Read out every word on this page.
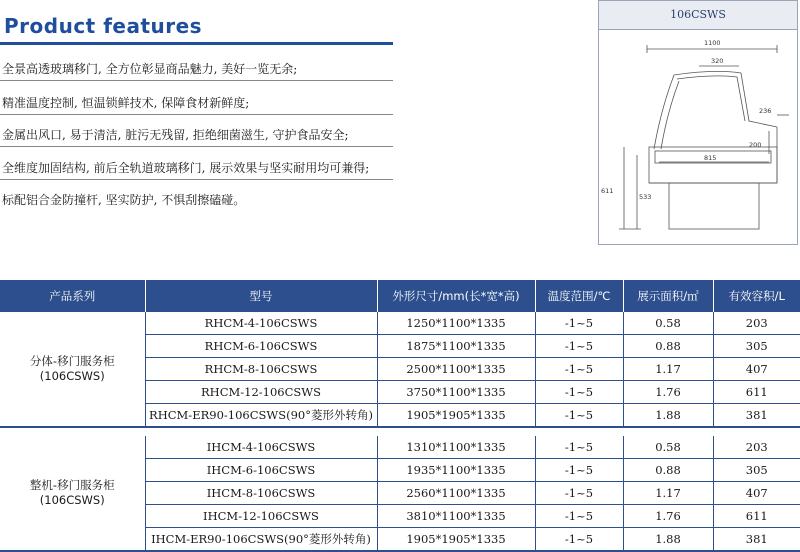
Product features
全景高透玻璃移门, 全方位彰显商品魅力, 美好一览无余;
精准温度控制, 恒温锁鲜技术, 保障食材新鲜度;
金属出风口, 易于清洁, 脏污无残留, 拒绝细菌滋生, 守护食品安全;
全维度加固结构, 前后全轨道玻璃移门, 展示效果与坚实耐用均可兼得;
标配铝合金防撞杆, 坚实防护, 不惧刮擦磕碰。
106CSWS
1100
320
236
200
815
611
533
产品系列	型号	外形尺寸/mm(长*宽*高)	温度范围/℃	展示面积/㎡	有效容积/L

分体-移门服务柜
(106CSWS)	RHCM-4-106CSWS	1250*1100*1335	-1~5	0.58	203
	RHCM-6-106CSWS	1875*1100*1335	-1~5	0.88	305
	RHCM-8-106CSWS	2500*1100*1335	-1~5	1.17	407
	RHCM-12-106CSWS	3750*1100*1335	-1~5	1.76	611
	RHCM-ER90-106CSWS(90°菱形外转角)	1905*1905*1335	-1~5	1.88	381

整机-移门服务柜
(106CSWS)	IHCM-4-106CSWS	1310*1100*1335	-1~5	0.58	203
	IHCM-6-106CSWS	1935*1100*1335	-1~5	0.88	305
	IHCM-8-106CSWS	2560*1100*1335	-1~5	1.17	407
	IHCM-12-106CSWS	3810*1100*1335	-1~5	1.76	611
	IHCM-ER90-106CSWS(90°菱形外转角)	1905*1905*1335	-1~5	1.88	381
